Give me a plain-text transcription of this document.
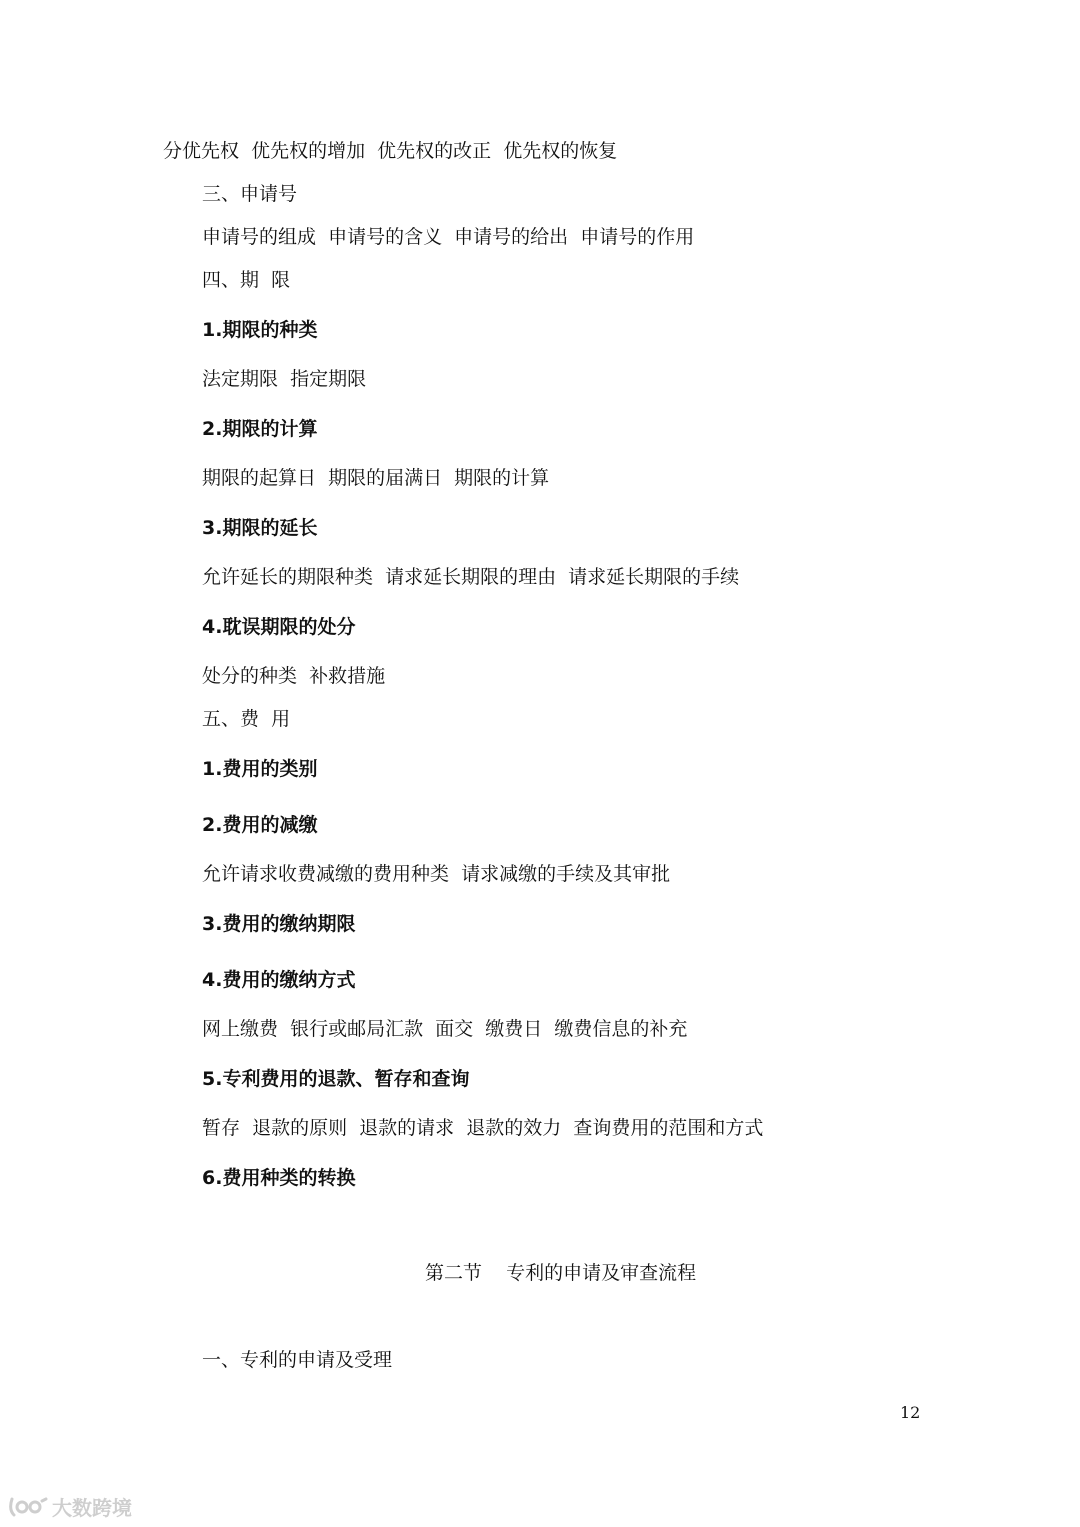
分优先权  优先权的增加  优先权的改正  优先权的恢复

三、申请号

申请号的组成  申请号的含义  申请号的给出  申请号的作用

四、期  限

1.期限的种类

法定期限  指定期限

2.期限的计算

期限的起算日  期限的届满日  期限的计算

3.期限的延长

允许延长的期限种类  请求延长期限的理由  请求延长期限的手续

4.耽误期限的处分

处分的种类  补救措施

五、费  用

1.费用的类别

2.费用的减缴

允许请求收费减缴的费用种类  请求减缴的手续及其审批

3.费用的缴纳期限

4.费用的缴纳方式

网上缴费  银行或邮局汇款  面交  缴费日  缴费信息的补充

5.专利费用的退款、暂存和查询

暂存  退款的原则  退款的请求  退款的效力  查询费用的范围和方式

6.费用种类的转换

第二节    专利的申请及审查流程

一、专利的申请及受理

12
大数跨境
